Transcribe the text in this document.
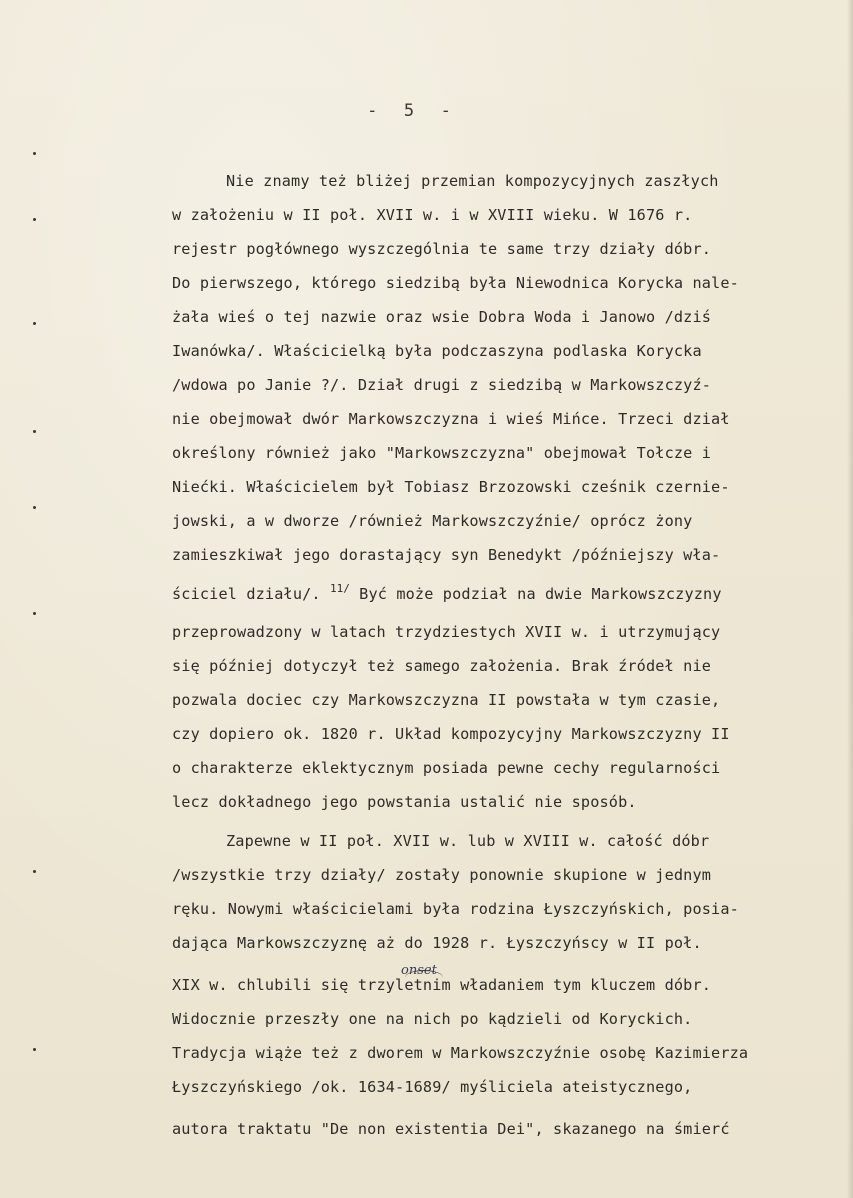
-  5  -
Nie znamy też bliżej przemian kompozycyjnych zaszłych
w założeniu w II poł. XVII w. i w XVIII wieku. W 1676 r.
rejestr pogłównego wyszczególnia te same trzy działy dóbr.
Do pierwszego, którego siedzibą była Niewodnica Korycka nale-
żała wieś o tej nazwie oraz wsie Dobra Woda i Janowo /dziś
Iwanówka/. Właścicielką była podczaszyna podlaska Korycka
/wdowa po Janie ?/. Dział drugi z siedzibą w Markowszczyź-
nie obejmował dwór Markowszczyzna i wieś Mińce. Trzeci dział
określony również jako "Markowszczyzna" obejmował Tołcze i
Niećki. Właścicielem był Tobiasz Brzozowski cześnik czernie-
jowski, a w dworze /również Markowszczyźnie/ oprócz żony
zamieszkiwał jego dorastający syn Benedykt /późniejszy wła-
ściciel działu/. $^{11/}$ Być może podział na dwie Markowszczyzny
przeprowadzony w latach trzydziestych XVII w. i utrzymujący
się później dotyczył też samego założenia. Brak źródeł nie
pozwala dociec czy Markowszczyzna II powstała w tym czasie,
czy dopiero ok. 1820 r. Układ kompozycyjny Markowszczyzny II
o charakterze eklektycznym posiada pewne cechy regularności
lecz dokładnego jego powstania ustalić nie sposób.
Zapewne w II poł. XVII w. lub w XVIII w. całość dóbr
/wszystkie trzy działy/ zostały ponownie skupione w jednym
ręku. Nowymi właścicielami była rodzina Łyszczyńskich, posia-
dająca Markowszczyznę aż do 1928 r. Łyszczyńscy w II poł.
XIX w. chlubili się trzyletnim władaniem tym kluczem dóbr.
Widocznie przeszły one na nich po kądzieli od Koryckich.
Tradycja wiąże też z dworem w Markowszczyźnie osobę Kazimierza
Łyszczyńskiego /ok. 1634-1689/ myśliciela ateistycznego,
autora traktatu "De non existentia Dei", skazanego na śmierć
onset
